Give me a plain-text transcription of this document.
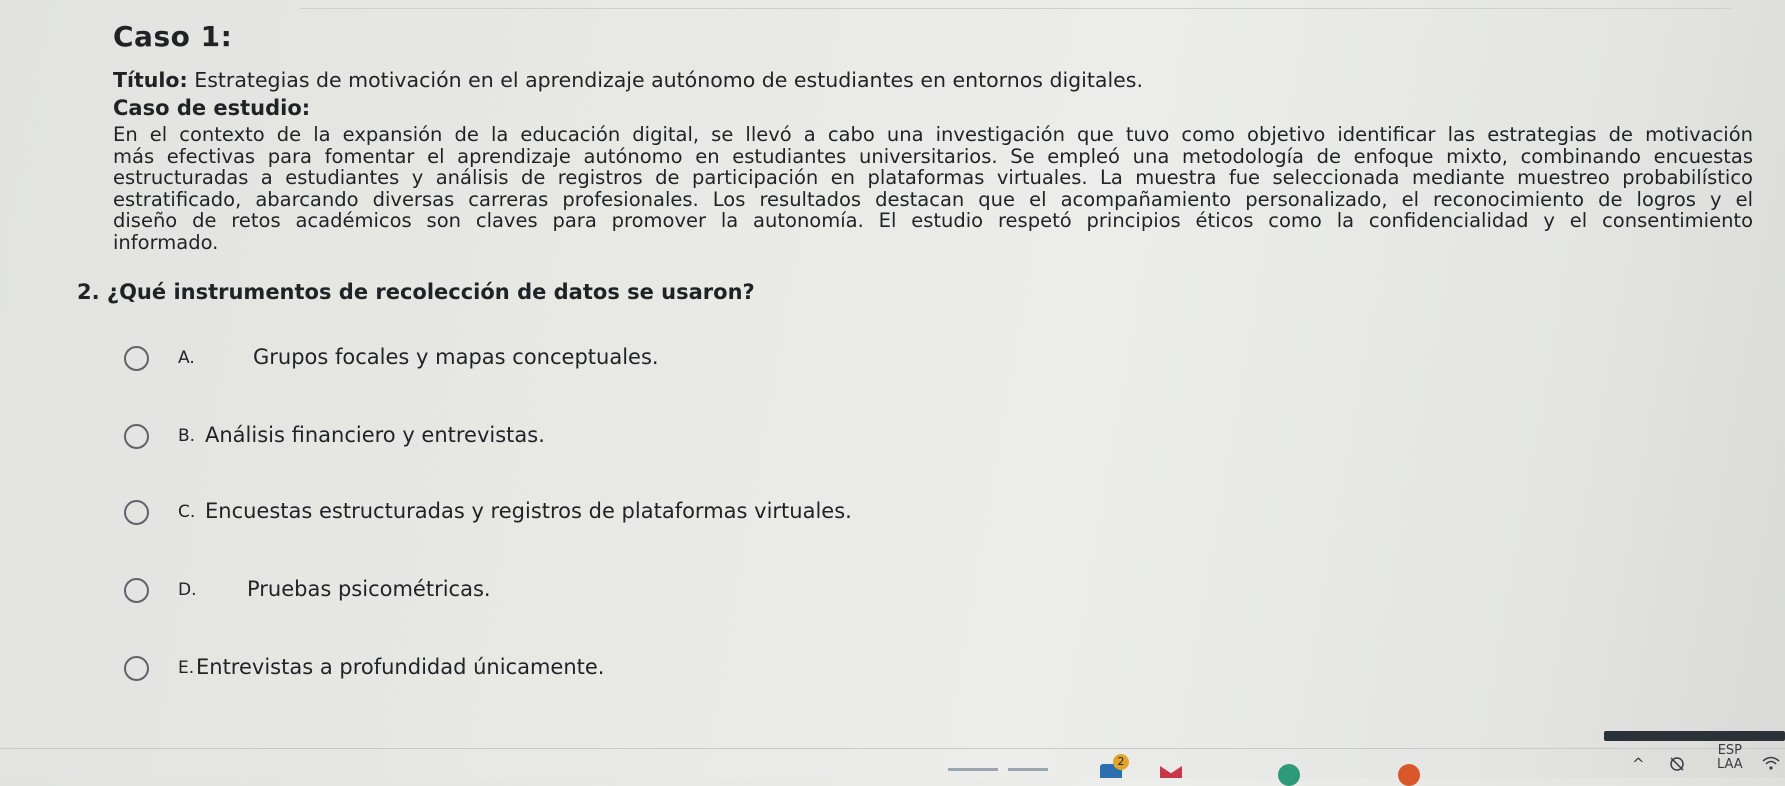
Caso 1:
Título: Estrategias de motivación en el aprendizaje autónomo de estudiantes en entornos digitales.
Caso de estudio:
En el contexto de la expansión de la educación digital, se llevó a cabo una investigación que tuvo como objetivo identificar las estrategias de motivación
más efectivas para fomentar el aprendizaje autónomo en estudiantes universitarios. Se empleó una metodología de enfoque mixto, combinando encuestas
estructuradas a estudiantes y análisis de registros de participación en plataformas virtuales. La muestra fue seleccionada mediante muestreo probabilístico
estratificado, abarcando diversas carreras profesionales. Los resultados destacan que el acompañamiento personalizado, el reconocimiento de logros y el
diseño de retos académicos son claves para promover la autonomía. El estudio respetó principios éticos como la confidencialidad y el consentimiento
informado.
2. ¿Qué instrumentos de recolección de datos se usaron?
A.	Grupos focales y mapas conceptuales.
B. Análisis financiero y entrevistas.
C. Encuestas estructuradas y registros de plataformas virtuales.
D. Pruebas psicométricas.
E. Entrevistas a profundidad únicamente.
2	^
ESP
LAA
